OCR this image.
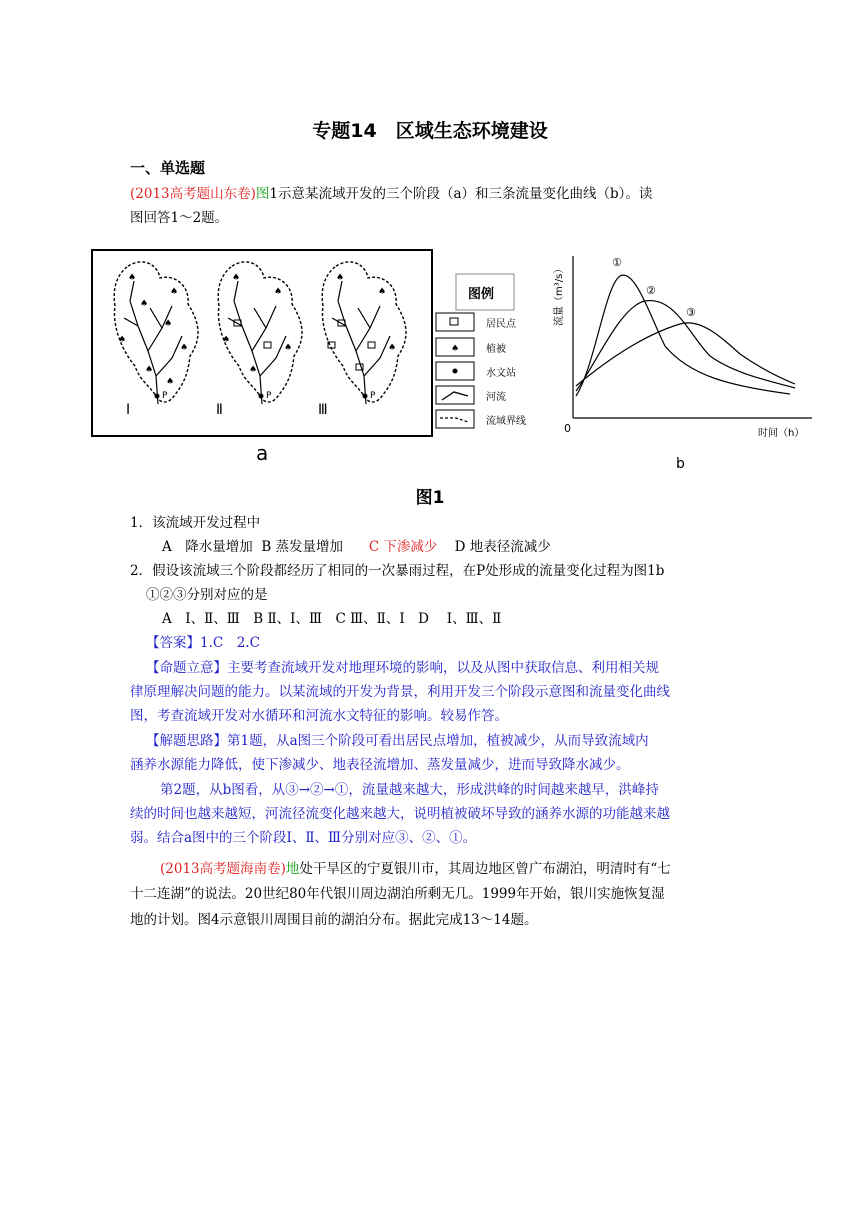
专题14　区域生态环境建设
一、单选题
(2013高考题山东卷)图1示意某流域开发的三个阶段（a）和三条流量变化曲线（b）。读
图回答1～2题。
♠
♠
♠
♠
♠
♠
♠
♠
P
Ⅰ
♠
♠
♠
♠
♠
P
Ⅱ
♠
♠
♠
P
Ⅲ
a
图例
居民点
♠	植被
水文站
河流
流域界线
流量（m³/s）
时间（h）
0
①
②
③
b
图1
1．该流域开发过程中
A　降水量增加 B 蒸发量增加 C 下渗减少 D 地表径流减少
2．假设该流域三个阶段都经历了相同的一次暴雨过程，在P处形成的流量变化过程为图1b
①②③分别对应的是
A　Ⅰ、Ⅱ、Ⅲ　B Ⅱ、Ⅰ、Ⅲ　C Ⅲ、Ⅱ、Ⅰ　D　 Ⅰ、Ⅲ、Ⅱ
【答案】1.C　2.C
【命题立意】主要考查流域开发对地理环境的影响，以及从图中获取信息、利用相关规
律原理解决问题的能力。以某流域的开发为背景，利用开发三个阶段示意图和流量变化曲线
图，考查流域开发对水循环和河流水文特征的影响。较易作答。
【解题思路】第1题，从a图三个阶段可看出居民点增加，植被减少，从而导致流域内
涵养水源能力降低，使下渗减少、地表径流增加、蒸发量减少，进而导致降水减少。
第2题，从b图看，从③→②→①，流量越来越大，形成洪峰的时间越来越早，洪峰持
续的时间也越来越短，河流径流变化越来越大，说明植被破坏导致的涵养水源的功能越来越
弱。结合a图中的三个阶段Ⅰ、Ⅱ、Ⅲ分别对应③、②、①。
(2013高考题海南卷)地处干旱区的宁夏银川市，其周边地区曾广布湖泊，明清时有“七
十二连湖”的说法。20世纪80年代银川周边湖泊所剩无几。1999年开始，银川实施恢复湿
地的计划。图4示意银川周围目前的湖泊分布。据此完成13～14题。
